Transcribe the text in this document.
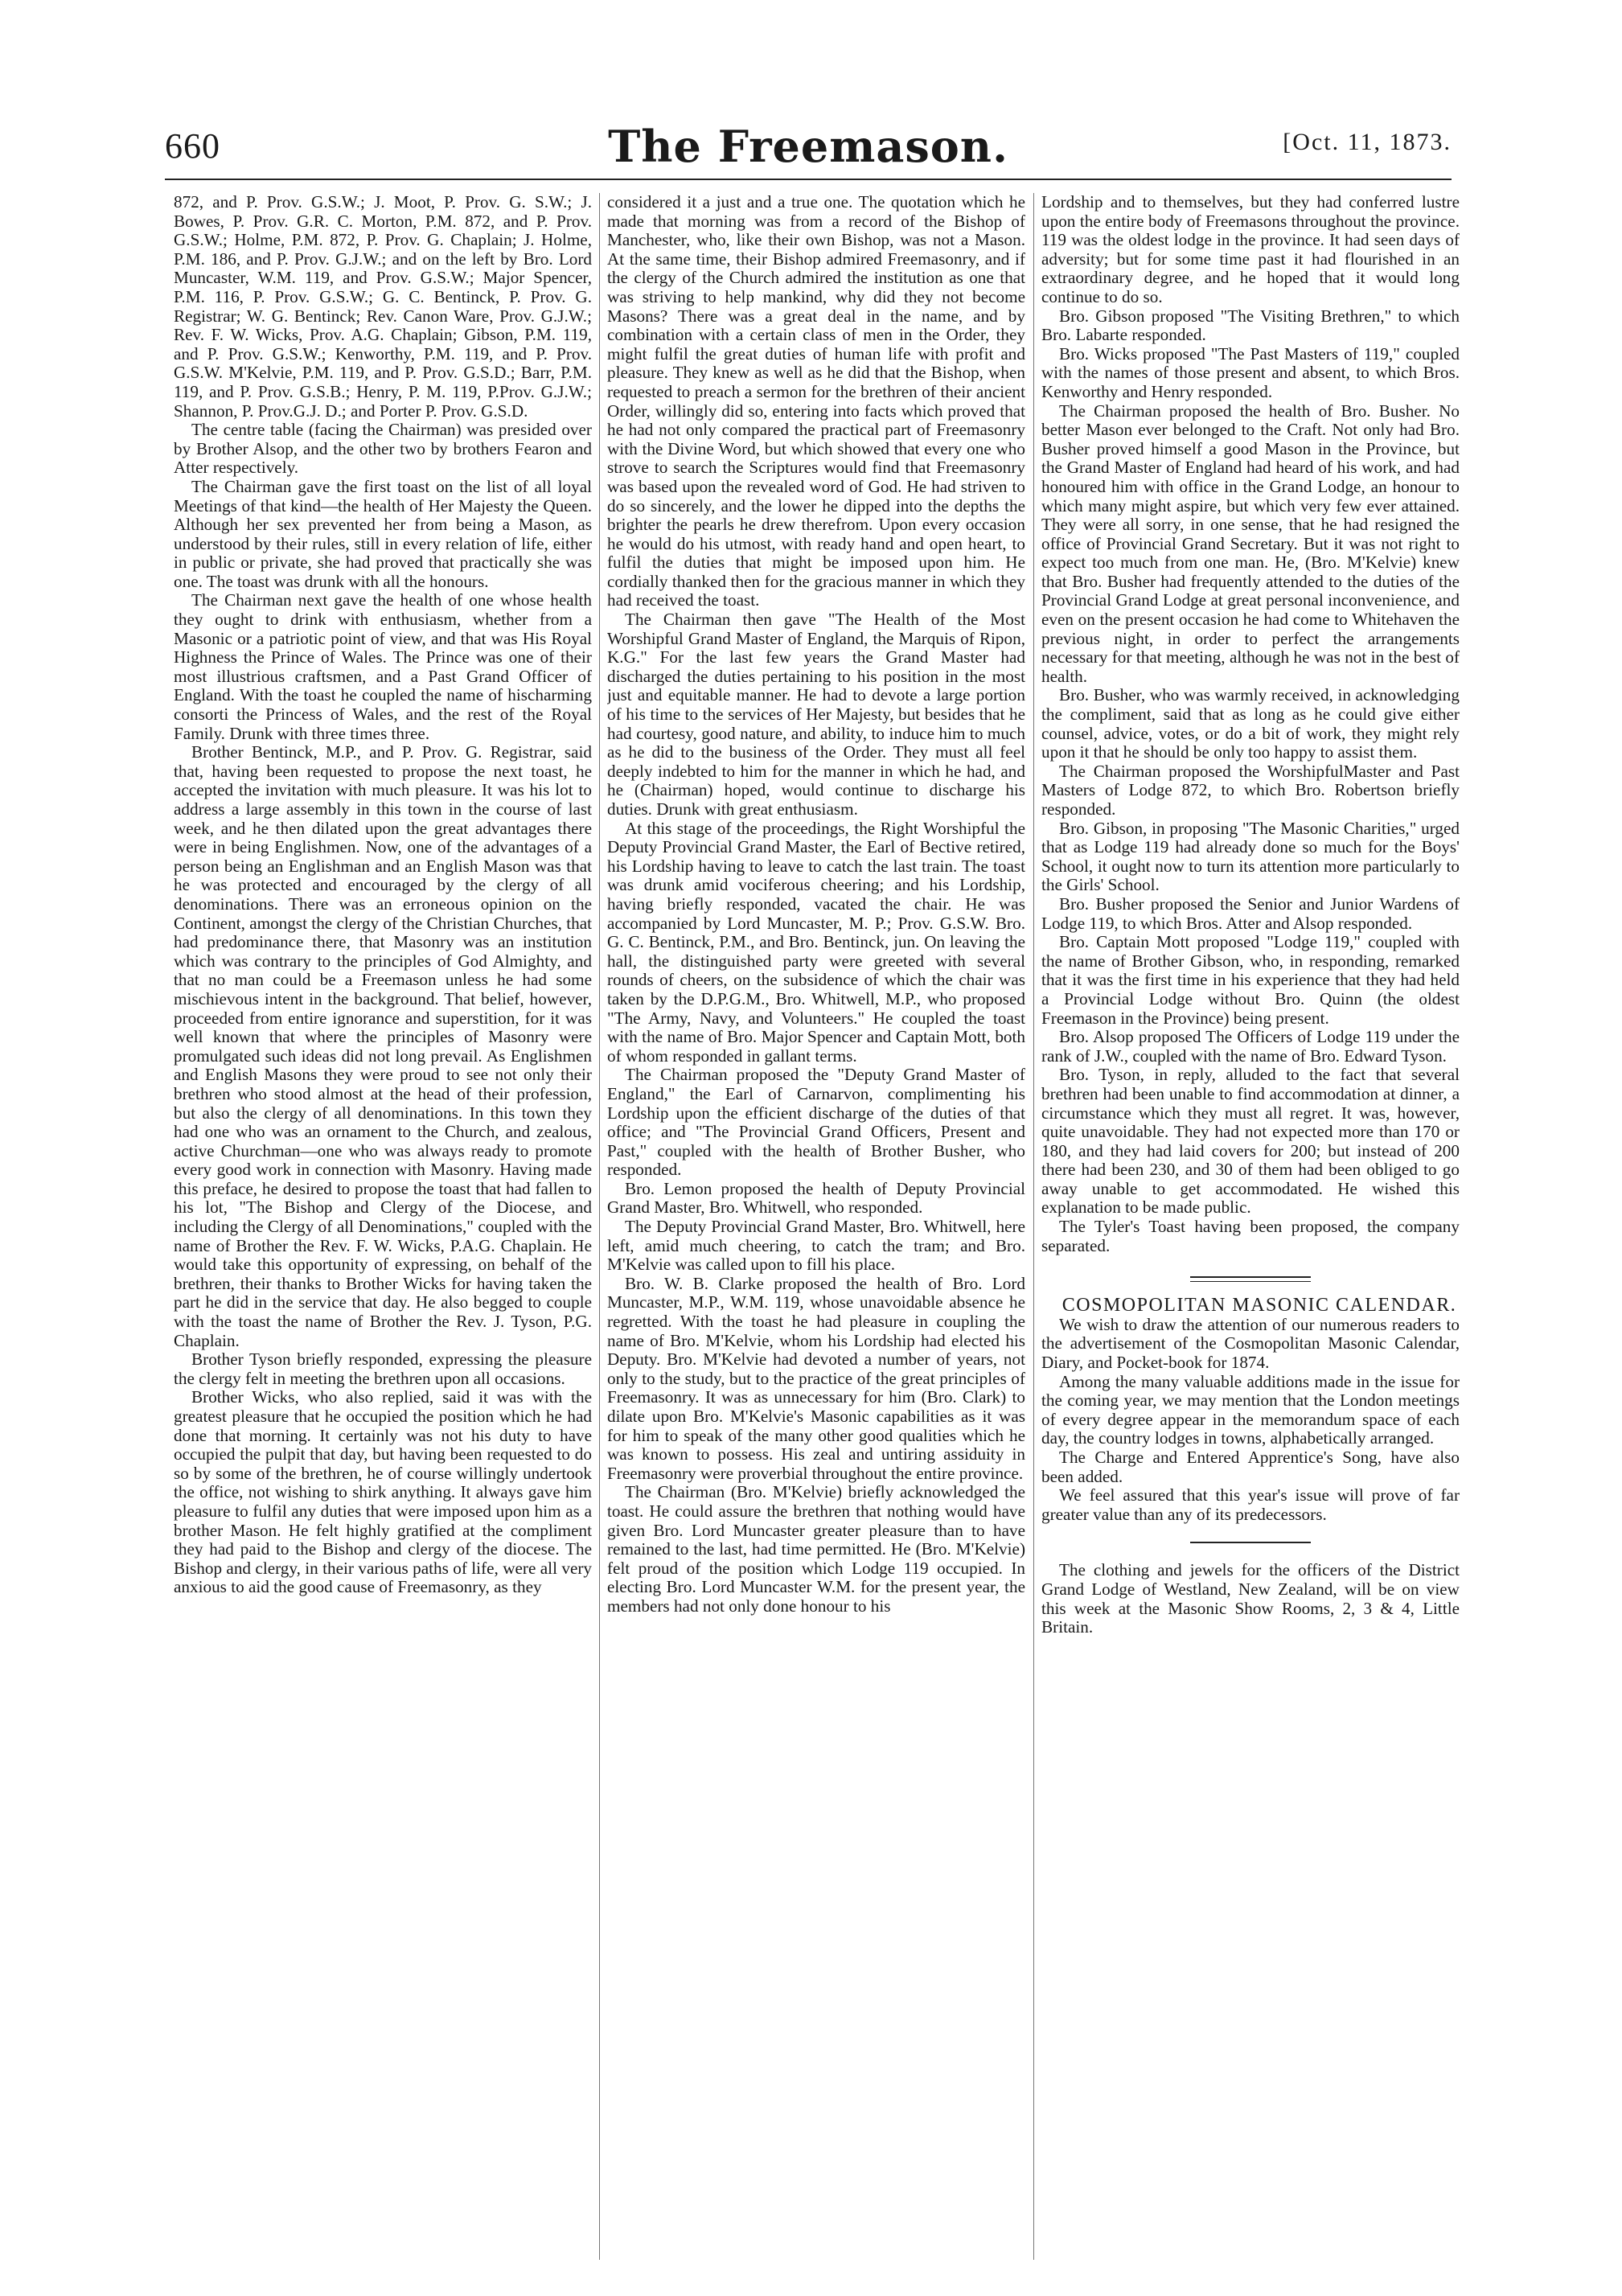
660	The Freemason.	[Oct. 11, 1873.

872, and P. Prov. G.S.W.; J. Moot, P. Prov. G. S.W.; J. Bowes, P. Prov. G.R. C. Morton, P.M. 872, and P. Prov. G.S.W.; Holme, P.M. 872, P. Prov. G. Chaplain; J. Holme, P.M. 186, and P. Prov. G.J.W.; and on the left by Bro. Lord Muncaster, W.M. 119, and Prov. G.S.W.; Major Spencer, P.M. 116, P. Prov. G.S.W.; G. C. Bentinck, P. Prov. G. Registrar; W. G. Bentinck; Rev. Canon Ware, Prov. G.J.W.; Rev. F. W. Wicks, Prov. A.G. Chaplain; Gibson, P.M. 119, and P. Prov. G.S.W.; Kenworthy, P.M. 119, and P. Prov. G.S.W. M'Kelvie, P.M. 119, and P. Prov. G.S.D.; Barr, P.M. 119, and P. Prov. G.S.B.; Henry, P. M. 119, P.Prov. G.J.W.; Shannon, P. Prov.G.J. D.; and Porter P. Prov. G.S.D.

The centre table (facing the Chairman) was presided over by Brother Alsop, and the other two by brothers Fearon and Atter respectively.

The Chairman gave the first toast on the list of all loyal Meetings of that kind—the health of Her Majesty the Queen. Although her sex prevented her from being a Mason, as understood by their rules, still in every relation of life, either in public or private, she had proved that practically she was one. The toast was drunk with all the honours.

The Chairman next gave the health of one whose health they ought to drink with enthusiasm, whether from a Masonic or a patriotic point of view, and that was His Royal Highness the Prince of Wales. The Prince was one of their most illustrious craftsmen, and a Past Grand Officer of England. With the toast he coupled the name of hischarming consorti the Princess of Wales, and the rest of the Royal Family. Drunk with three times three.

Brother Bentinck, M.P., and P. Prov. G. Registrar, said that, having been requested to propose the next toast, he accepted the invitation with much pleasure. It was his lot to address a large assembly in this town in the course of last week, and he then dilated upon the great advantages there were in being Englishmen. Now, one of the advantages of a person being an Englishman and an English Mason was that he was protected and encouraged by the clergy of all denominations. There was an erroneous opinion on the Continent, amongst the clergy of the Christian Churches, that had predominance there, that Masonry was an institution which was contrary to the principles of God Almighty, and that no man could be a Freemason unless he had some mischievous intent in the background. That belief, however, proceeded from entire ignorance and superstition, for it was well known that where the principles of Masonry were promulgated such ideas did not long prevail. As Englishmen and English Masons they were proud to see not only their brethren who stood almost at the head of their profession, but also the clergy of all denominations. In this town they had one who was an ornament to the Church, and zealous, active Churchman—one who was always ready to promote every good work in connection with Masonry. Having made this preface, he desired to propose the toast that had fallen to his lot, "The Bishop and Clergy of the Diocese, and including the Clergy of all Denominations," coupled with the name of Brother the Rev. F. W. Wicks, P.A.G. Chaplain. He would take this opportunity of expressing, on behalf of the brethren, their thanks to Brother Wicks for having taken the part he did in the service that day. He also begged to couple with the toast the name of Brother the Rev. J. Tyson, P.G. Chaplain.

Brother Tyson briefly responded, expressing the pleasure the clergy felt in meeting the brethren upon all occasions.

Brother Wicks, who also replied, said it was with the greatest pleasure that he occupied the position which he had done that morning. It certainly was not his duty to have occupied the pulpit that day, but having been requested to do so by some of the brethren, he of course willingly undertook the office, not wishing to shirk anything. It always gave him pleasure to fulfil any duties that were imposed upon him as a brother Mason. He felt highly gratified at the compliment they had paid to the Bishop and clergy of the diocese. The Bishop and clergy, in their various paths of life, were all very anxious to aid the good cause of Freemasonry, as they

considered it a just and a true one. The quotation which he made that morning was from a record of the Bishop of Manchester, who, like their own Bishop, was not a Mason. At the same time, their Bishop admired Freemasonry, and if the clergy of the Church admired the institution as one that was striving to help mankind, why did they not become Masons? There was a great deal in the name, and by combination with a certain class of men in the Order, they might fulfil the great duties of human life with profit and pleasure. They knew as well as he did that the Bishop, when requested to preach a sermon for the brethren of their ancient Order, willingly did so, entering into facts which proved that he had not only compared the practical part of Freemasonry with the Divine Word, but which showed that every one who strove to search the Scriptures would find that Freemasonry was based upon the revealed word of God. He had striven to do so sincerely, and the lower he dipped into the depths the brighter the pearls he drew therefrom. Upon every occasion he would do his utmost, with ready hand and open heart, to fulfil the duties that might be imposed upon him. He cordially thanked then for the gracious manner in which they had received the toast.

The Chairman then gave "The Health of the Most Worshipful Grand Master of England, the Marquis of Ripon, K.G." For the last few years the Grand Master had discharged the duties pertaining to his position in the most just and equitable manner. He had to devote a large portion of his time to the services of Her Majesty, but besides that he had courtesy, good nature, and ability, to induce him to much as he did to the business of the Order. They must all feel deeply indebted to him for the manner in which he had, and he (Chairman) hoped, would continue to discharge his duties. Drunk with great enthusiasm.

At this stage of the proceedings, the Right Worshipful the Deputy Provincial Grand Master, the Earl of Bective retired, his Lordship having to leave to catch the last train. The toast was drunk amid vociferous cheering; and his Lordship, having briefly responded, vacated the chair. He was accompanied by Lord Muncaster, M. P.; Prov. G.S.W. Bro. G. C. Bentinck, P.M., and Bro. Bentinck, jun. On leaving the hall, the distinguished party were greeted with several rounds of cheers, on the subsidence of which the chair was taken by the D.P.G.M., Bro. Whitwell, M.P., who proposed "The Army, Navy, and Volunteers." He coupled the toast with the name of Bro. Major Spencer and Captain Mott, both of whom responded in gallant terms.

The Chairman proposed the "Deputy Grand Master of England," the Earl of Carnarvon, complimenting his Lordship upon the efficient discharge of the duties of that office; and "The Provincial Grand Officers, Present and Past," coupled with the health of Brother Busher, who responded.

Bro. Lemon proposed the health of Deputy Provincial Grand Master, Bro. Whitwell, who responded.

The Deputy Provincial Grand Master, Bro. Whitwell, here left, amid much cheering, to catch the tram; and Bro. M'Kelvie was called upon to fill his place.

Bro. W. B. Clarke proposed the health of Bro. Lord Muncaster, M.P., W.M. 119, whose unavoidable absence he regretted. With the toast he had pleasure in coupling the name of Bro. M'Kelvie, whom his Lordship had elected his Deputy. Bro. M'Kelvie had devoted a number of years, not only to the study, but to the practice of the great principles of Freemasonry. It was as unnecessary for him (Bro. Clark) to dilate upon Bro. M'Kelvie's Masonic capabilities as it was for him to speak of the many other good qualities which he was known to possess. His zeal and untiring assiduity in Freemasonry were proverbial throughout the entire province.

The Chairman (Bro. M'Kelvie) briefly acknowledged the toast. He could assure the brethren that nothing would have given Bro. Lord Muncaster greater pleasure than to have remained to the last, had time permitted. He (Bro. M'Kelvie) felt proud of the position which Lodge 119 occupied. In electing Bro. Lord Muncaster W.M. for the present year, the members had not only done honour to his

Lordship and to themselves, but they had conferred lustre upon the entire body of Freemasons throughout the province. 119 was the oldest lodge in the province. It had seen days of adversity; but for some time past it had flourished in an extraordinary degree, and he hoped that it would long continue to do so.

Bro. Gibson proposed "The Visiting Brethren," to which Bro. Labarte responded.

Bro. Wicks proposed "The Past Masters of 119," coupled with the names of those present and absent, to which Bros. Kenworthy and Henry responded.

The Chairman proposed the health of Bro. Busher. No better Mason ever belonged to the Craft. Not only had Bro. Busher proved himself a good Mason in the Province, but the Grand Master of England had heard of his work, and had honoured him with office in the Grand Lodge, an honour to which many might aspire, but which very few ever attained. They were all sorry, in one sense, that he had resigned the office of Provincial Grand Secretary. But it was not right to expect too much from one man. He, (Bro. M'Kelvie) knew that Bro. Busher had frequently attended to the duties of the Provincial Grand Lodge at great personal inconvenience, and even on the present occasion he had come to Whitehaven the previous night, in order to perfect the arrangements necessary for that meeting, although he was not in the best of health.

Bro. Busher, who was warmly received, in acknowledging the compliment, said that as long as he could give either counsel, advice, votes, or do a bit of work, they might rely upon it that he should be only too happy to assist them.

The Chairman proposed the WorshipfulMaster and Past Masters of Lodge 872, to which Bro. Robertson briefly responded.

Bro. Gibson, in proposing "The Masonic Charities," urged that as Lodge 119 had already done so much for the Boys' School, it ought now to turn its attention more particularly to the Girls' School.

Bro. Busher proposed the Senior and Junior Wardens of Lodge 119, to which Bros. Atter and Alsop responded.

Bro. Captain Mott proposed "Lodge 119," coupled with the name of Brother Gibson, who, in responding, remarked that it was the first time in his experience that they had held a Provincial Lodge without Bro. Quinn (the oldest Freemason in the Province) being present.

Bro. Alsop proposed The Officers of Lodge 119 under the rank of J.W., coupled with the name of Bro. Edward Tyson.

Bro. Tyson, in reply, alluded to the fact that several brethren had been unable to find accommodation at dinner, a circumstance which they must all regret. It was, however, quite unavoidable. They had not expected more than 170 or 180, and they had laid covers for 200; but instead of 200 there had been 230, and 30 of them had been obliged to go away unable to get accommodated. He wished this explanation to be made public.

The Tyler's Toast having been proposed, the company separated.

COSMOPOLITAN MASONIC CALENDAR.

We wish to draw the attention of our numerous readers to the advertisement of the Cosmopolitan Masonic Calendar, Diary, and Pocket-book for 1874.

Among the many valuable additions made in the issue for the coming year, we may mention that the London meetings of every degree appear in the memorandum space of each day, the country lodges in towns, alphabetically arranged.

The Charge and Entered Apprentice's Song, have also been added.

We feel assured that this year's issue will prove of far greater value than any of its predecessors.

The clothing and jewels for the officers of the District Grand Lodge of Westland, New Zealand, will be on view this week at the Masonic Show Rooms, 2, 3 & 4, Little Britain.
